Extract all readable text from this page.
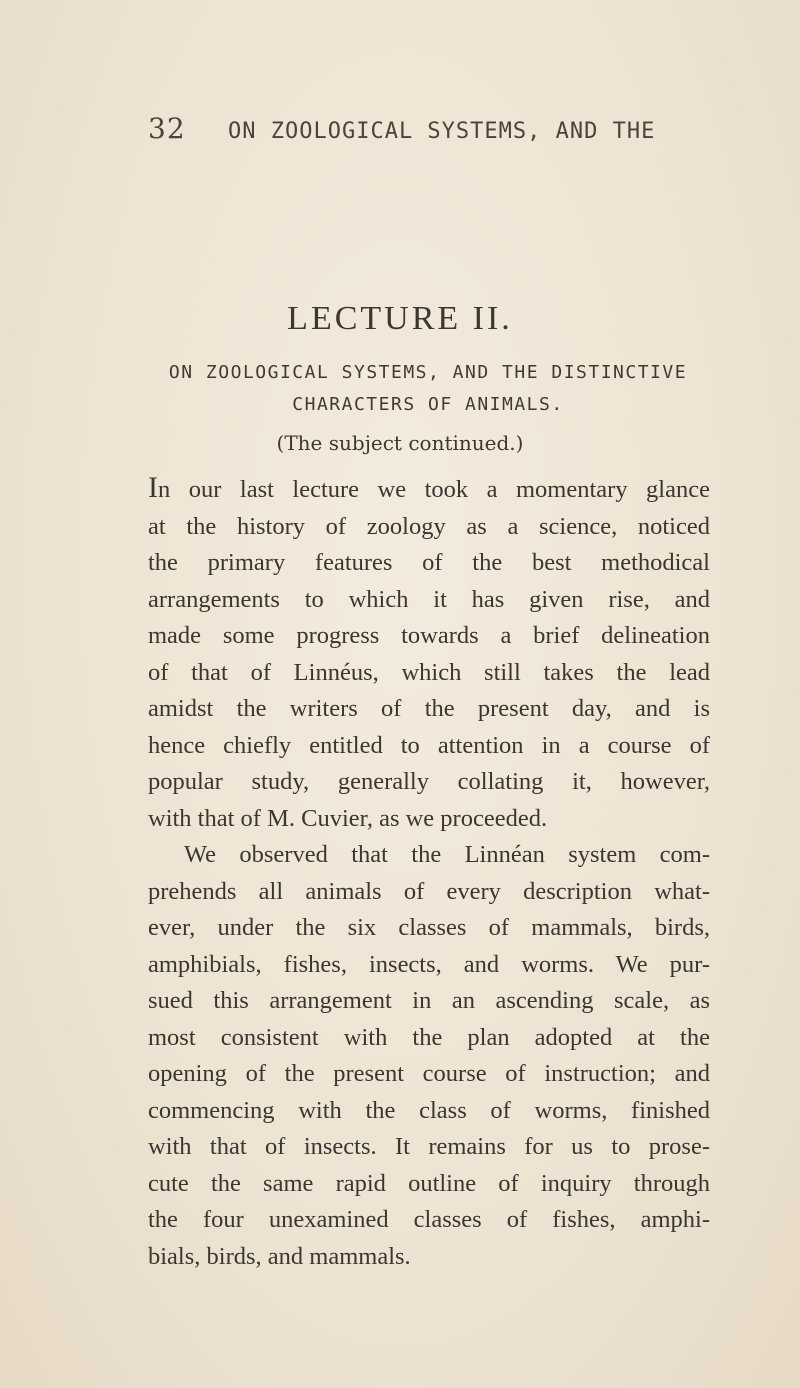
32 ON ZOOLOGICAL SYSTEMS, AND THE
LECTURE II.
ON ZOOLOGICAL SYSTEMS, AND THE DISTINCTIVE
CHARACTERS OF ANIMALS.
(The subject continued.)
In our last lecture we took a momentary glance
at the history of zoology as a science, noticed
the primary features of the best methodical
arrangements to which it has given rise, and
made some progress towards a brief delineation
of that of Linnéus, which still takes the lead
amidst the writers of the present day, and is
hence chiefly entitled to attention in a course of
popular study, generally collating it, however,
with that of M. Cuvier, as we proceeded.
We observed that the Linnéan system com-
prehends all animals of every description what-
ever, under the six classes of mammals, birds,
amphibials, fishes, insects, and worms. We pur-
sued this arrangement in an ascending scale, as
most consistent with the plan adopted at the
opening of the present course of instruction; and
commencing with the class of worms, finished
with that of insects. It remains for us to prose-
cute the same rapid outline of inquiry through
the four unexamined classes of fishes, amphi-
bials, birds, and mammals.
